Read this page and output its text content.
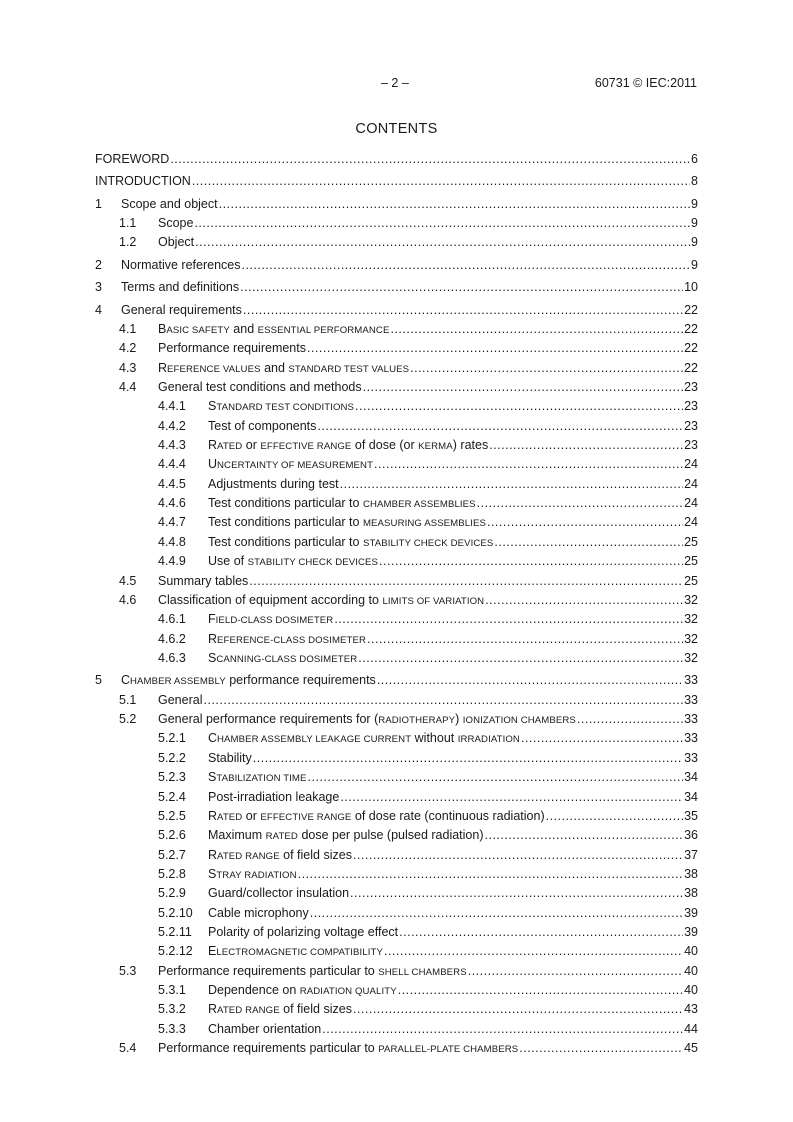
– 2 –	60731 © IEC:2011
CONTENTS
FOREWORD .....	6
INTRODUCTION .....	8
1	Scope and object .....	9
1.1	Scope .....	9
1.2	Object .....	9
2	Normative references .....	9
3	Terms and definitions .....	10
4	General requirements .....	22
4.1	BASIC SAFETY and ESSENTIAL PERFORMANCE .....	22
4.2	Performance requirements .....	22
4.3	REFERENCE VALUES and STANDARD TEST VALUES .....	22
4.4	General test conditions and methods .....	23
4.4.1	STANDARD TEST CONDITIONS .....	23
4.4.2	Test of components .....	23
4.4.3	RATED or EFFECTIVE RANGE of dose (or KERMA) rates .....	23
4.4.4	UNCERTAINTY OF MEASUREMENT .....	24
4.4.5	Adjustments during test .....	24
4.4.6	Test conditions particular to CHAMBER ASSEMBLIES .....	24
4.4.7	Test conditions particular to MEASURING ASSEMBLIES .....	24
4.4.8	Test conditions particular to STABILITY CHECK DEVICES .....	25
4.4.9	Use of STABILITY CHECK DEVICES .....	25
4.5	Summary tables .....	25
4.6	Classification of equipment according to LIMITS OF VARIATION .....	32
4.6.1	FIELD-CLASS DOSIMETER .....	32
4.6.2	REFERENCE-CLASS DOSIMETER .....	32
4.6.3	SCANNING-CLASS DOSIMETER .....	32
5	CHAMBER ASSEMBLY performance requirements .....	33
5.1	General .....	33
5.2	General performance requirements for (RADIOTHERAPY) IONIZATION CHAMBERS .....	33
5.2.1	CHAMBER ASSEMBLY LEAKAGE CURRENT without IRRADIATION .....	33
5.2.2	Stability .....	33
5.2.3	STABILIZATION TIME .....	34
5.2.4	Post-irradiation leakage .....	34
5.2.5	RATED or EFFECTIVE RANGE of dose rate (continuous radiation) .....	35
5.2.6	Maximum RATED dose per pulse (pulsed radiation) .....	36
5.2.7	RATED RANGE of field sizes .....	37
5.2.8	STRAY RADIATION .....	38
5.2.9	Guard/collector insulation .....	38
5.2.10	Cable microphony .....	39
5.2.11	Polarity of polarizing voltage effect .....	39
5.2.12	ELECTROMAGNETIC COMPATIBILITY .....	40
5.3	Performance requirements particular to SHELL CHAMBERS .....	40
5.3.1	Dependence on RADIATION QUALITY .....	40
5.3.2	RATED RANGE of field sizes .....	43
5.3.3	Chamber orientation .....	44
5.4	Performance requirements particular to PARALLEL-PLATE CHAMBERS .....	45
